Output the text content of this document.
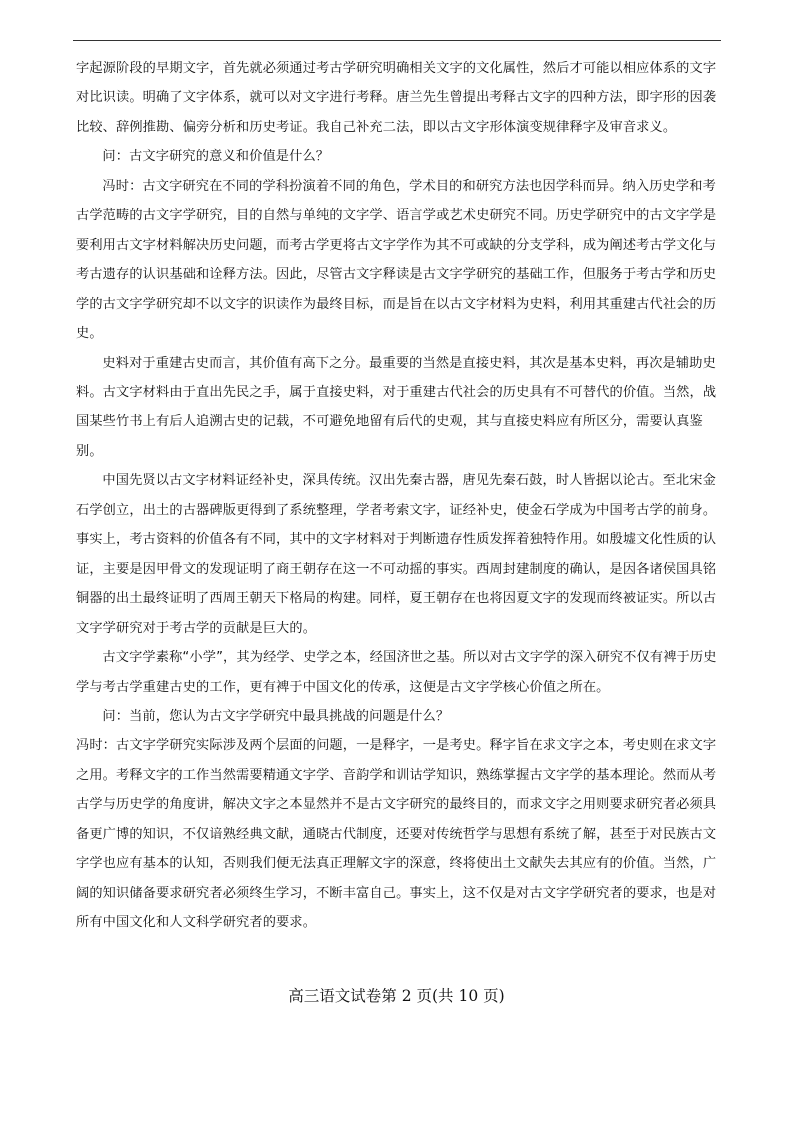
字起源阶段的早期文字，首先就必须通过考古学研究明确相关文字的文化属性，然后才可能以相应体系的文字对比识读。明确了文字体系，就可以对文字进行考释。唐兰先生曾提出考释古文字的四种方法，即字形的因袭比较、辞例推勘、偏旁分析和历史考证。我自己补充二法，即以古文字形体演变规律释字及审音求义。

问：古文字研究的意义和价值是什么？

冯时：古文字研究在不同的学科扮演着不同的角色，学术目的和研究方法也因学科而异。纳入历史学和考古学范畴的古文字学研究，目的自然与单纯的文字学、语言学或艺术史研究不同。历史学研究中的古文字学是要利用古文字材料解决历史问题，而考古学更将古文字学作为其不可或缺的分支学科，成为阐述考古学文化与考古遗存的认识基础和诠释方法。因此，尽管古文字释读是古文字学研究的基础工作，但服务于考古学和历史学的古文字学研究却不以文字的识读作为最终目标，而是旨在以古文字材料为史料，利用其重建古代社会的历史。

史料对于重建古史而言，其价值有高下之分。最重要的当然是直接史料，其次是基本史料，再次是辅助史料。古文字材料由于直出先民之手，属于直接史料，对于重建古代社会的历史具有不可替代的价值。当然，战国某些竹书上有后人追溯古史的记载，不可避免地留有后代的史观，其与直接史料应有所区分，需要认真鉴别。

中国先贤以古文字材料证经补史，深具传统。汉出先秦古器，唐见先秦石鼓，时人皆据以论古。至北宋金石学创立，出土的古器碑版更得到了系统整理，学者考索文字，证经补史，使金石学成为中国考古学的前身。事实上，考古资料的价值各有不同，其中的文字材料对于判断遗存性质发挥着独特作用。如殷墟文化性质的认证，主要是因甲骨文的发现证明了商王朝存在这一不可动摇的事实。西周封建制度的确认，是因各诸侯国具铭铜器的出土最终证明了西周王朝天下格局的构建。同样，夏王朝存在也将因夏文字的发现而终被证实。所以古文字学研究对于考古学的贡献是巨大的。

古文字学素称“小学”，其为经学、史学之本，经国济世之基。所以对古文字学的深入研究不仅有裨于历史学与考古学重建古史的工作，更有裨于中国文化的传承，这便是古文字学核心价值之所在。

问：当前，您认为古文字学研究中最具挑战的问题是什么？

冯时：古文字学研究实际涉及两个层面的问题，一是释字，一是考史。释字旨在求文字之本，考史则在求文字之用。考释文字的工作当然需要精通文字学、音韵学和训诂学知识，熟练掌握古文字学的基本理论。然而从考古学与历史学的角度讲，解决文字之本显然并不是古文字研究的最终目的，而求文字之用则要求研究者必须具备更广博的知识，不仅谙熟经典文献，通晓古代制度，还要对传统哲学与思想有系统了解，甚至于对民族古文字学也应有基本的认知，否则我们便无法真正理解文字的深意，终将使出土文献失去其应有的价值。当然，广阔的知识储备要求研究者必须终生学习，不断丰富自己。事实上，这不仅是对古文字学研究者的要求，也是对所有中国文化和人文科学研究者的要求。

高三语文试卷第 2 页(共 10 页)
